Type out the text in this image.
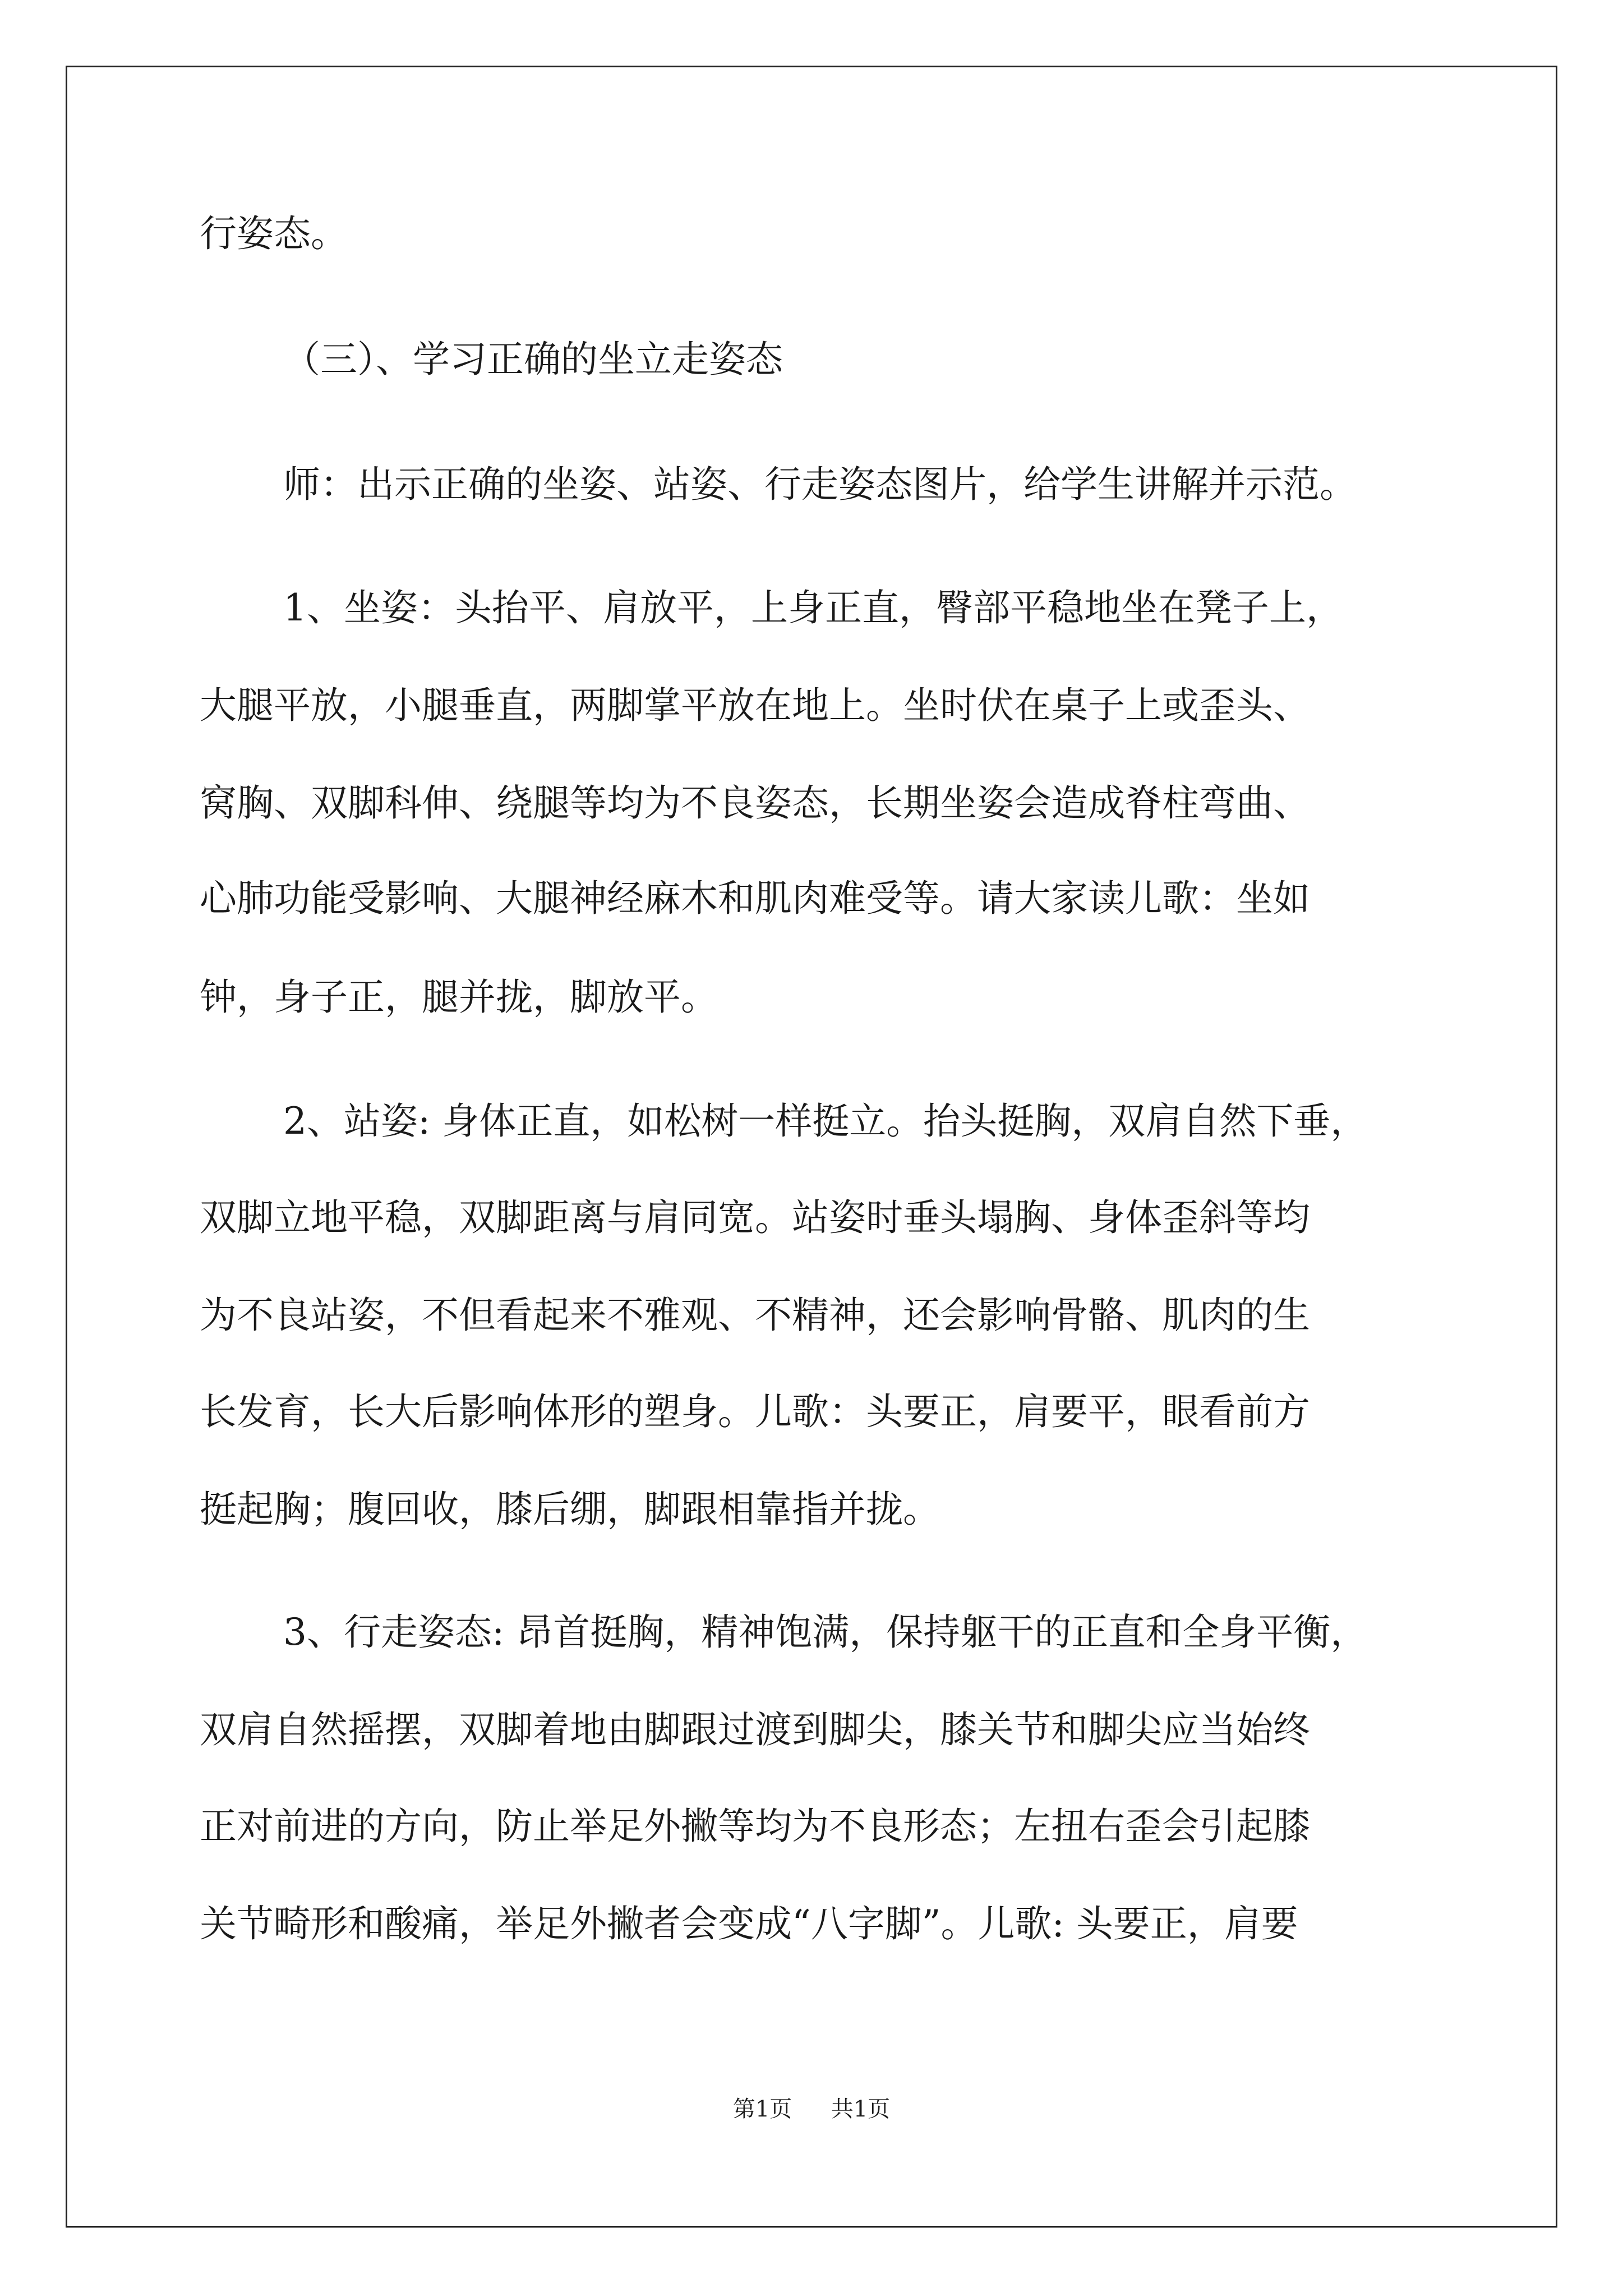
行姿态。
（三）、学习正确的坐立走姿态
师：出示正确的坐姿、站姿、行走姿态图片，给学生讲解并示范。
1、坐姿：头抬平、肩放平，上身正直，臀部平稳地坐在凳子上，
大腿平放，小腿垂直，两脚掌平放在地上。坐时伏在桌子上或歪头、
窝胸、双脚科伸、绕腿等均为不良姿态，长期坐姿会造成脊柱弯曲、
心肺功能受影响、大腿神经麻木和肌肉难受等。请大家读儿歌：坐如
钟，身子正，腿并拢，脚放平。
2、站姿: 身体正直，如松树一样挺立。抬头挺胸，双肩自然下垂，
双脚立地平稳，双脚距离与肩同宽。站姿时垂头塌胸、身体歪斜等均
为不良站姿，不但看起来不雅观、不精神，还会影响骨骼、肌肉的生
长发育，长大后影响体形的塑身。儿歌：头要正，肩要平，眼看前方
挺起胸；腹回收，膝后绷，脚跟相靠指并拢。
3、行走姿态: 昂首挺胸，精神饱满，保持躯干的正直和全身平衡，
双肩自然摇摆，双脚着地由脚跟过渡到脚尖，膝关节和脚尖应当始终
正对前进的方向，防止举足外撇等均为不良形态；左扭右歪会引起膝
关节畸形和酸痛，举足外撇者会变成“八字脚”。儿歌: 头要正，肩要
第1页 共1页
